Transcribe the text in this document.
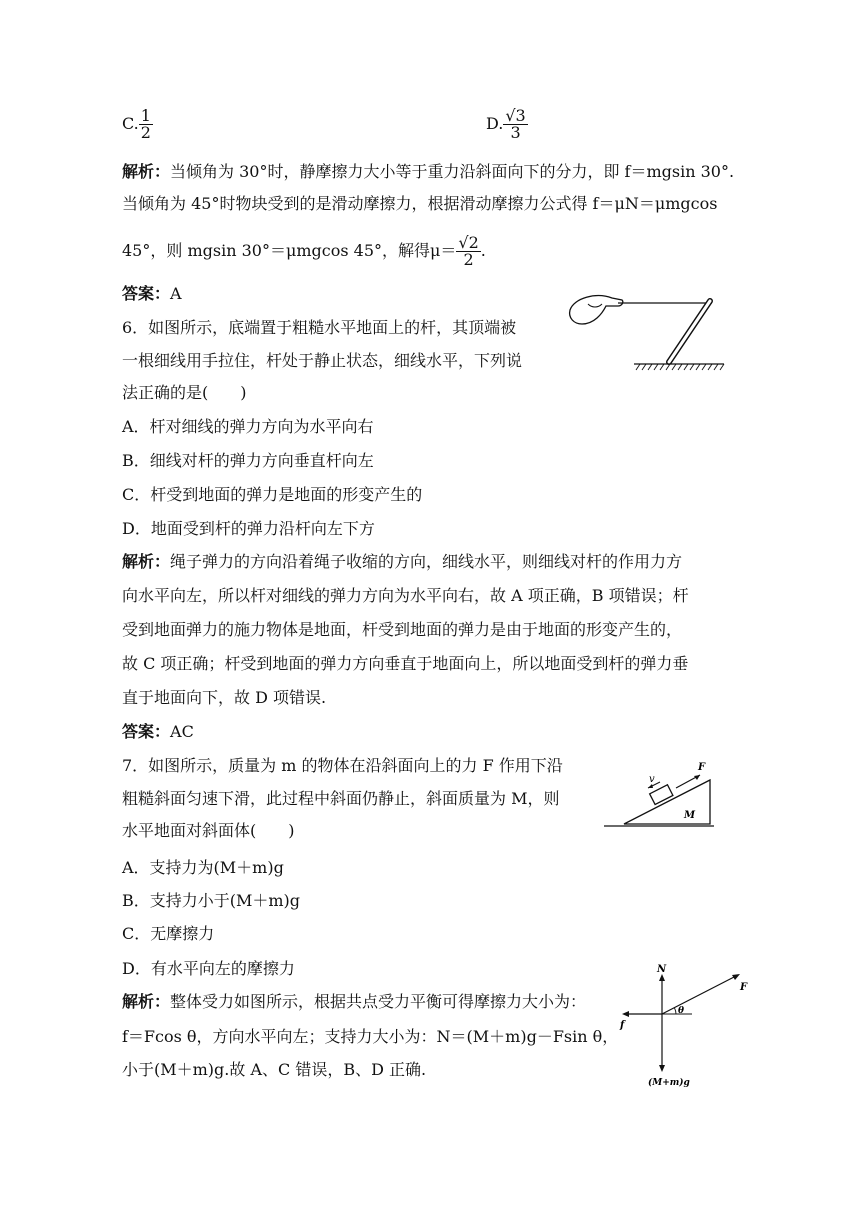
C. $\frac{1}{2}$	D. $\frac{√3}{3}$
解析：当倾角为 30°时，静摩擦力大小等于重力沿斜面向下的分力，即 f＝mgsin 30°.
当倾角为 45°时物块受到的是滑动摩擦力，根据滑动摩擦力公式得 f＝μN＝μmgcos
45°，则 mgsin 30°＝μmgcos 45°，解得$\mu= \frac{√2}{2}$ .
答案：A
6．如图所示，底端置于粗糙水平地面上的杆，其顶端被
一根细线用手拉住，杆处于静止状态，细线水平，下列说
法正确的是(　　)
A．杆对细线的弹力方向为水平向右
B．细线对杆的弹力方向垂直杆向左
C．杆受到地面的弹力是地面的形变产生的
D．地面受到杆的弹力沿杆向左下方
解析：绳子弹力的方向沿着绳子收缩的方向，细线水平，则细线对杆的作用力方
向水平向左，所以杆对细线的弹力方向为水平向右，故 A 项正确，B 项错误；杆
受到地面弹力的施力物体是地面，杆受到地面的弹力是由于地面的形变产生的，
故 C 项正确；杆受到地面的弹力方向垂直于地面向上，所以地面受到杆的弹力垂
直于地面向下，故 D 项错误.
答案：AC
7．如图所示，质量为 m 的物体在沿斜面向上的力 F 作用下沿
粗糙斜面匀速下滑，此过程中斜面仍静止，斜面质量为 M，则
水平地面对斜面体(　　)
A．支持力为(M＋m)g
B．支持力小于(M＋m)g
C．无摩擦力
D．有水平向左的摩擦力
解析：整体受力如图所示，根据共点受力平衡可得摩擦力大小为：
f＝Fcos θ，方向水平向左；支持力大小为：N＝(M＋m)g－Fsin θ，
小于(M＋m)g.故 A、C 错误，B、D 正确.
F
v
M
N
F
f
θ
(M+m)g
